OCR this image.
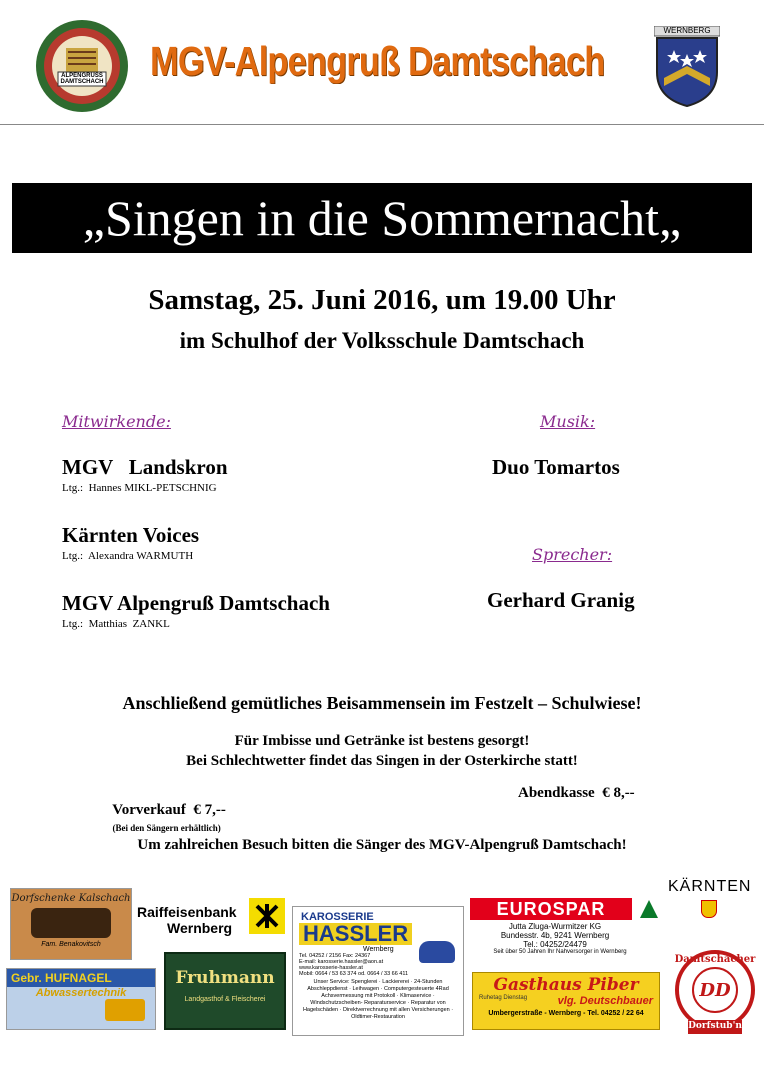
ALPENGRUSS DAMTSCHACH MGV-Alpengruß Damtschach
WERNBERG
„Singen in die Sommernacht„
Samstag, 25. Juni 2016, um 19.00 Uhr
im Schulhof der Volksschule Damtschach
Mitwirkende:
MGV   Landskron
Ltg.:  Hannes MIKL-PETSCHNIG
Kärnten Voices
Ltg.:  Alexandra WARMUTH
MGV Alpengruß Damtschach
Ltg.:  Matthias  ZANKL
Musik:
Duo Tomartos
Sprecher:
Gerhard Granig
Anschließend gemütliches Beisammensein im Festzelt – Schulwiese!
Für Imbisse und Getränke ist bestens gesorgt!
Bei Schlechtwetter findet das Singen in der Osterkirche statt!

Vorverkauf  € 7,--
(Bei den Sängern erhältlich)

Abendkasse  € 8,--
Um zahlreichen Besuch bitten die Sänger des MGV-Alpengruß Damtschach!
Dorfschenke Kalschach
Fam. Benakovitsch
Raiffeisenbank
Wernberg
KAROSSERIE
HASSLER
Wernberg
Tel. 04252 / 2156 Fax: 24367
E-mail: karosserie.hassler@aon.at
www.karosserie-hassler.at
Mobil: 0664 / 53 63 374 od. 0664 / 33 66 411
Unser Service: Spenglerei · Lackiererei · 24-Stunden Abschleppdienst · Leihwagen · Computergesteuerte 4Rad Achsvermessung mit Protokoll · Klimaservice · Windschutzscheiben- Reparaturservice · Reparatur von Hagelschäden · Direktverrechnung mit allen Versicherungen · Oldtimer-Restauration
EUROSPAR
Jutta Zluga-Wurmitzer KG
Bundesstr. 4b, 9241 Wernberg
Tel.: 04252/24479
Seit über 50 Jahren Ihr Nahversorger in Wernberg
KÄRNTEN
Gebr. HUFNAGEL
Abwassertechnik
Fruhmann
Landgasthof & Fleischerei
Gasthaus Piber
Ruhetag Dienstag	vlg. Deutschbauer
Umbergerstraße - Wernberg - Tel. 04252 / 22 64
Damtschacher
DD
Dorfstub'n
